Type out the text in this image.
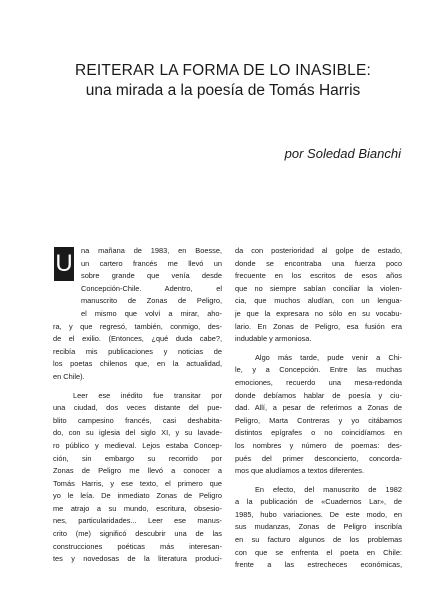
REITERAR LA FORMA DE LO INASIBLE:
una mirada a la poesía de Tomás Harris
por Soledad Bianchi
U	na mañana de 1983, en Boesse,
un cartero francés me llevó un
sobre grande que venía desde
Concepción-Chile. Adentro, el
manuscrito de Zonas de Peligro,
el mismo que volví a mirar, aho-
ra, y que regresó, también, conmigo, des-
de el exilio. (Entonces, ¿qué duda cabe?,
recibía mis publicaciones y noticias de
los poetas chilenos que, en la actualidad,
en Chile).
Leer ese inédito fue transitar por
una ciudad, dos veces distante del pue-
blito campesino francés, casi deshabita-
do, con su iglesia del siglo XI, y su lavade-
ro público y medieval. Lejos estaba Concep-
ción, sin embargo su recorrido por
Zonas de Peligro me llevó a conocer a
Tomás Harris, y ese texto, el primero que
yo le leía. De inmediato Zonas de Peligro
me atrajo a su mundo, escritura, obsesio-
nes, particularidades... Leer ese manus-
crito (me) significó descubrir una de las
construcciones poéticas más interesan-
tes y novedosas de la literatura produci-
da con posterioridad al golpe de estado,
donde se encontraba una fuerza poco
frecuente en los escritos de esos años
que no siempre sabían conciliar la violen-
cia, que muchos aludían, con un lengua-
je que la expresara no sólo en su vocabu-
lario. En Zonas de Peligro, esa fusión era
indudable y armoniosa.
Algo más tarde, pude venir a Chi-
le, y a Concepción. Entre las muchas
emociones, recuerdo una mesa-redonda
donde debíamos hablar de poesía y ciu-
dad. Allí, a pesar de referirnos a Zonas de
Peligro, Marta Contreras y yo citábamos
distintos epígrafes o no coincidíamos en
los nombres y número de poemas: des-
pués del primer desconcierto, concorda-
mos que aludíamos a textos diferentes.
En efecto, del manuscrito de 1982
a la publicación de «Cuadernos Lar», de
1985, hubo variaciones. De este modo, en
sus mudanzas, Zonas de Peligro inscribía
en su facturo algunos de los problemas
con que se enfrenta el poeta en Chile:
frente a las estrecheces económicas,
